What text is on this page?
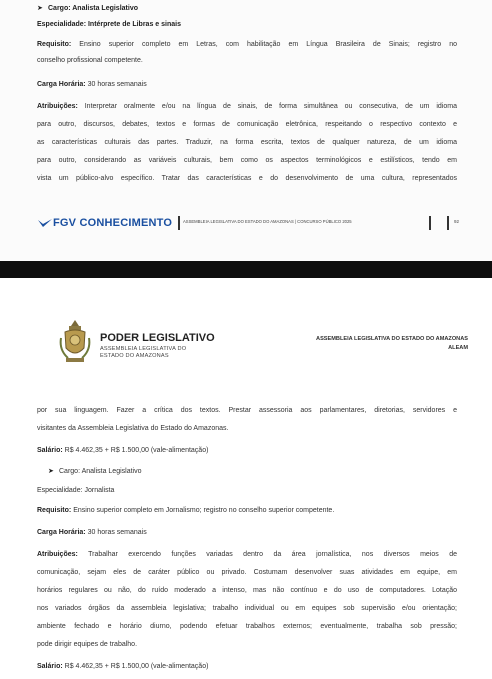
➤ Cargo: Analista Legislativo
Especialidade: Intérprete de Libras e sinais
Requisito: Ensino superior completo em Letras, com habilitação em Língua Brasileira de Sinais; registro no
conselho profissional competente.
Carga Horária: 30 horas semanais
Atribuições: Interpretar oralmente e/ou na língua de sinais, de forma simultânea ou consecutiva, de um idioma
para outro, discursos, debates, textos e formas de comunicação eletrônica, respeitando o respectivo contexto e
as características culturais das partes. Traduzir, na forma escrita, textos de qualquer natureza, de um idioma
para outro, considerando as variáveis culturais, bem como os aspectos terminológicos e estilísticos, tendo em
vista um público-alvo específico. Tratar das características e do desenvolvimento de uma cultura, representados
FGV CONHECIMENTO	ASSEMBLEIA LEGISLATIVA DO ESTADO DO AMAZONAS | CONCURSO PÚBLICO 2025	92
PODER LEGISLATIVO
ASSEMBLEIA LEGISLATIVA DO
ESTADO DO AMAZONAS
ASSEMBLEIA LEGISLATIVA DO ESTADO DO AMAZONAS
ALEAM
por sua linguagem. Fazer a crítica dos textos. Prestar assessoria aos parlamentares, diretorias, servidores e
visitantes da Assembleia Legislativa do Estado do Amazonas.
Salário: R$ 4.462,35 + R$ 1.500,00 (vale-alimentação)
➤ Cargo: Analista Legislativo
Especialidade: Jornalista
Requisito: Ensino superior completo em Jornalismo; registro no conselho superior competente.
Carga Horária: 30 horas semanais
Atribuições: Trabalhar exercendo funções variadas dentro da área jornalística, nos diversos meios de
comunicação, sejam eles de caráter público ou privado. Costumam desenvolver suas atividades em equipe, em
horários regulares ou não, do ruído moderado a intenso, mas não contínuo e do uso de computadores. Lotação
nos variados órgãos da assembleia legislativa; trabalho individual ou em equipes sob supervisão e/ou orientação;
ambiente fechado e horário diurno, podendo efetuar trabalhos externos; eventualmente, trabalha sob pressão;
pode dirigir equipes de trabalho.
Salário: R$ 4.462,35 + R$ 1.500,00 (vale-alimentação)
